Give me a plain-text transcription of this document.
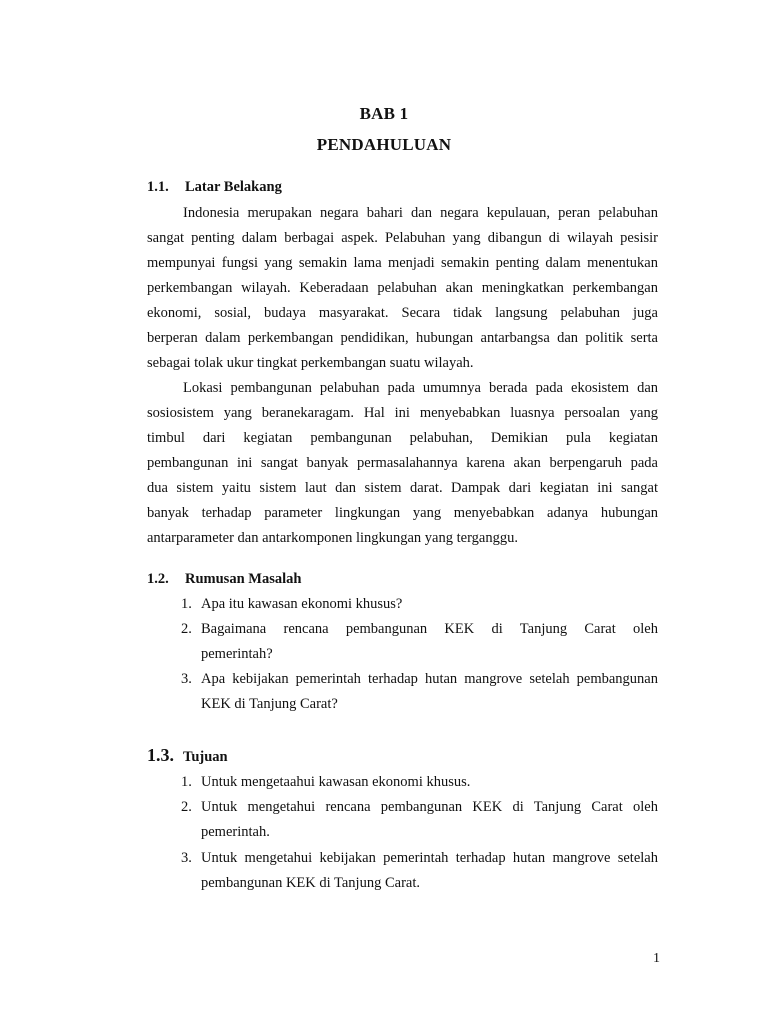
BAB 1
PENDAHULUAN
1.1. Latar Belakang
Indonesia merupakan negara bahari dan negara kepulauan, peran pelabuhan
sangat penting dalam berbagai aspek. Pelabuhan yang dibangun di wilayah pesisir
mempunyai fungsi yang semakin lama menjadi semakin penting dalam menentukan
perkembangan wilayah. Keberadaan pelabuhan akan meningkatkan perkembangan
ekonomi, sosial, budaya masyarakat. Secara tidak langsung pelabuhan juga
berperan dalam perkembangan pendidikan, hubungan antarbangsa dan politik serta
sebagai tolak ukur tingkat perkembangan suatu wilayah.
Lokasi pembangunan pelabuhan pada umumnya berada pada ekosistem dan
sosiosistem yang beranekaragam. Hal ini menyebabkan luasnya persoalan yang
timbul dari kegiatan pembangunan pelabuhan, Demikian pula kegiatan
pembangunan ini sangat banyak permasalahannya karena akan berpengaruh pada
dua sistem yaitu sistem laut dan sistem darat. Dampak dari kegiatan ini sangat
banyak terhadap parameter lingkungan yang menyebabkan adanya hubungan
antarparameter dan antarkomponen lingkungan yang terganggu.
1.2. Rumusan Masalah
1. Apa itu kawasan ekonomi khusus?
2. Bagaimana rencana pembangunan KEK di Tanjung Carat oleh
pemerintah?
3. Apa kebijakan pemerintah terhadap hutan mangrove setelah pembangunan
KEK di Tanjung Carat?
1.3. Tujuan
1. Untuk mengetaahui kawasan ekonomi khusus.
2. Untuk mengetahui rencana pembangunan KEK di Tanjung Carat oleh
pemerintah.
3. Untuk mengetahui kebijakan pemerintah terhadap hutan mangrove setelah
pembangunan KEK di Tanjung Carat.
1
